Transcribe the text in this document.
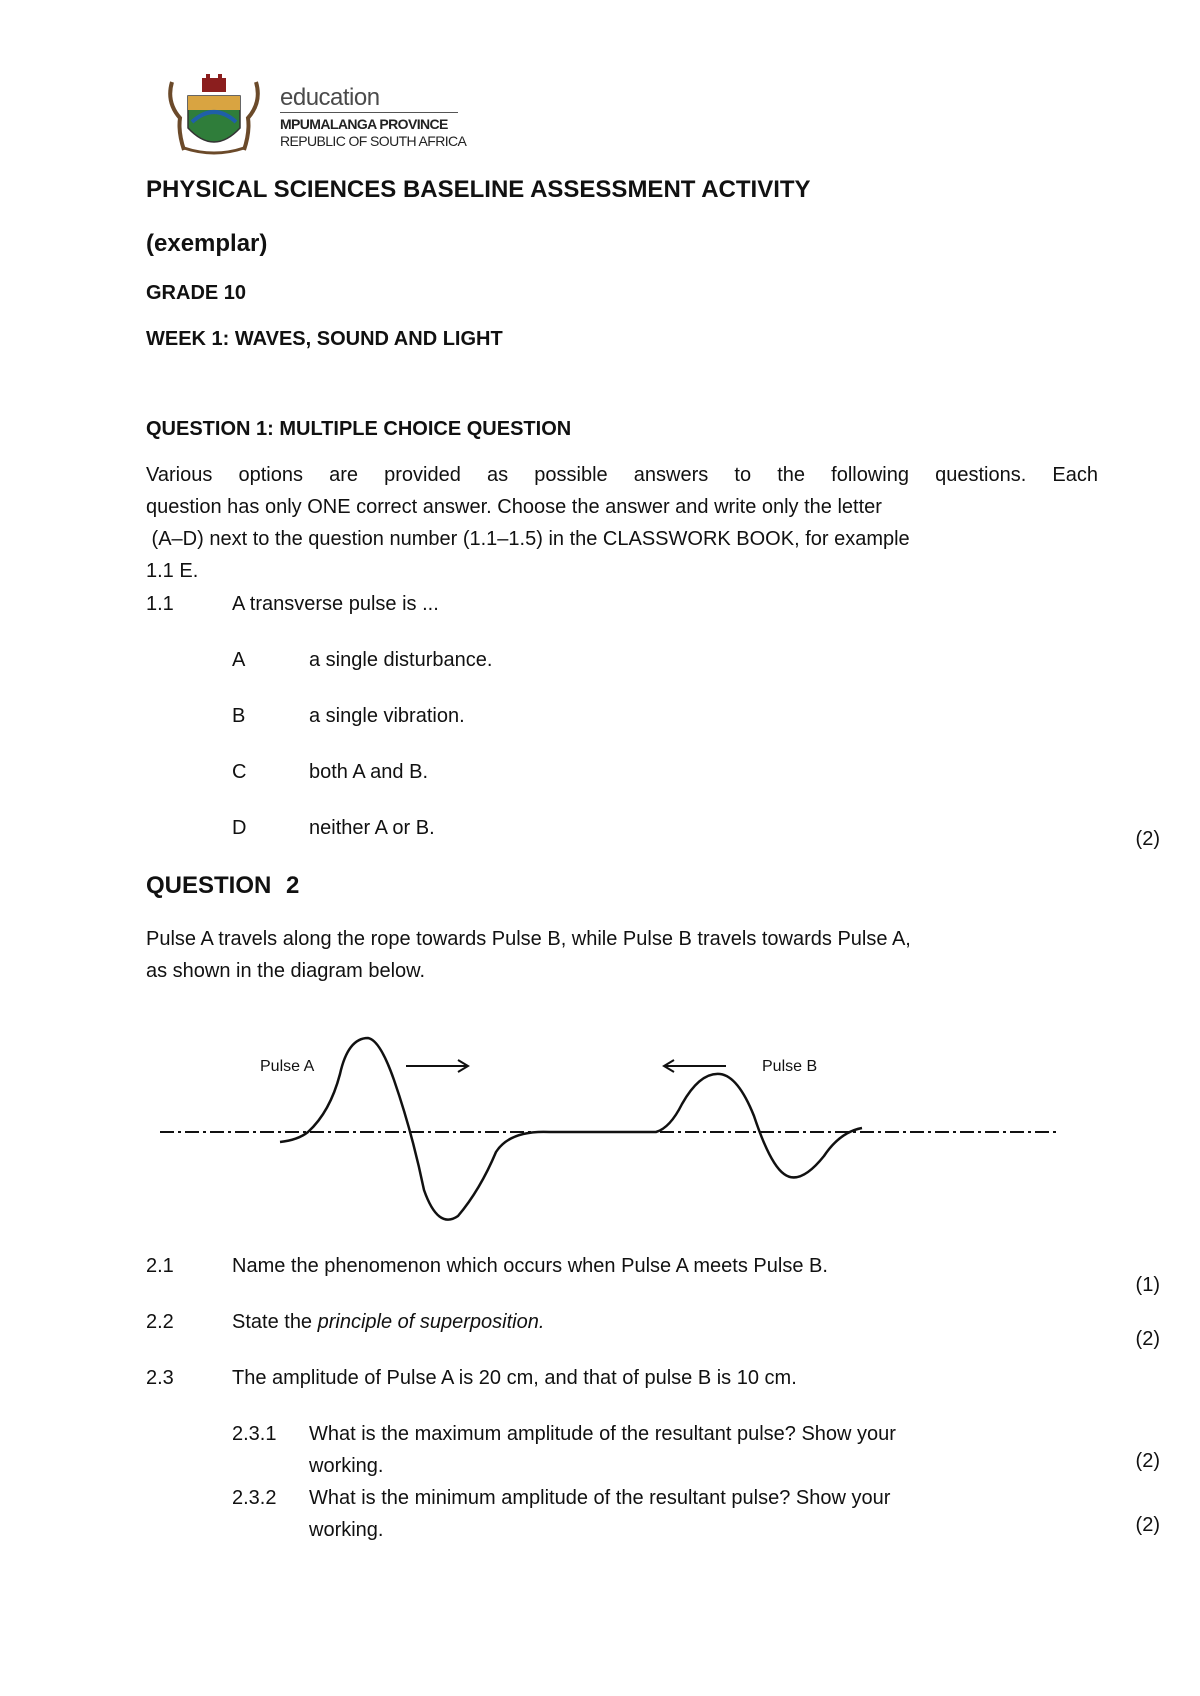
education
MPUMALANGA PROVINCE
REPUBLIC OF SOUTH AFRICA
PHYSICAL SCIENCES BASELINE ASSESSMENT ACTIVITY
(exemplar)
GRADE 10
WEEK 1: WAVES, SOUND AND LIGHT
QUESTION 1: MULTIPLE CHOICE QUESTION
Various options are provided as possible answers to the following questions. Each
question has only ONE correct answer. Choose the answer and write only the letter
(A–D) next to the question number (1.1–1.5) in the CLASSWORK BOOK, for example
1.1 E.
1.1	A transverse pulse is ...
A	a single disturbance.
B	a single vibration.
C	both A and B.
D	neither A or B.	(2)
QUESTION 2
Pulse A travels along the rope towards Pulse B, while Pulse B travels towards Pulse A,
as shown in the diagram below.
Pulse A	Pulse B
2.1	Name the phenomenon which occurs when Pulse A meets Pulse B.
(1)
2.2	State the principle of superposition.
(2)
2.3	The amplitude of Pulse A is 20 cm, and that of pulse B is 10 cm.
2.3.1 What is the maximum amplitude of the resultant pulse? Show your
working.	(2)
2.3.2 What is the minimum amplitude of the resultant pulse? Show your
working.	(2)
